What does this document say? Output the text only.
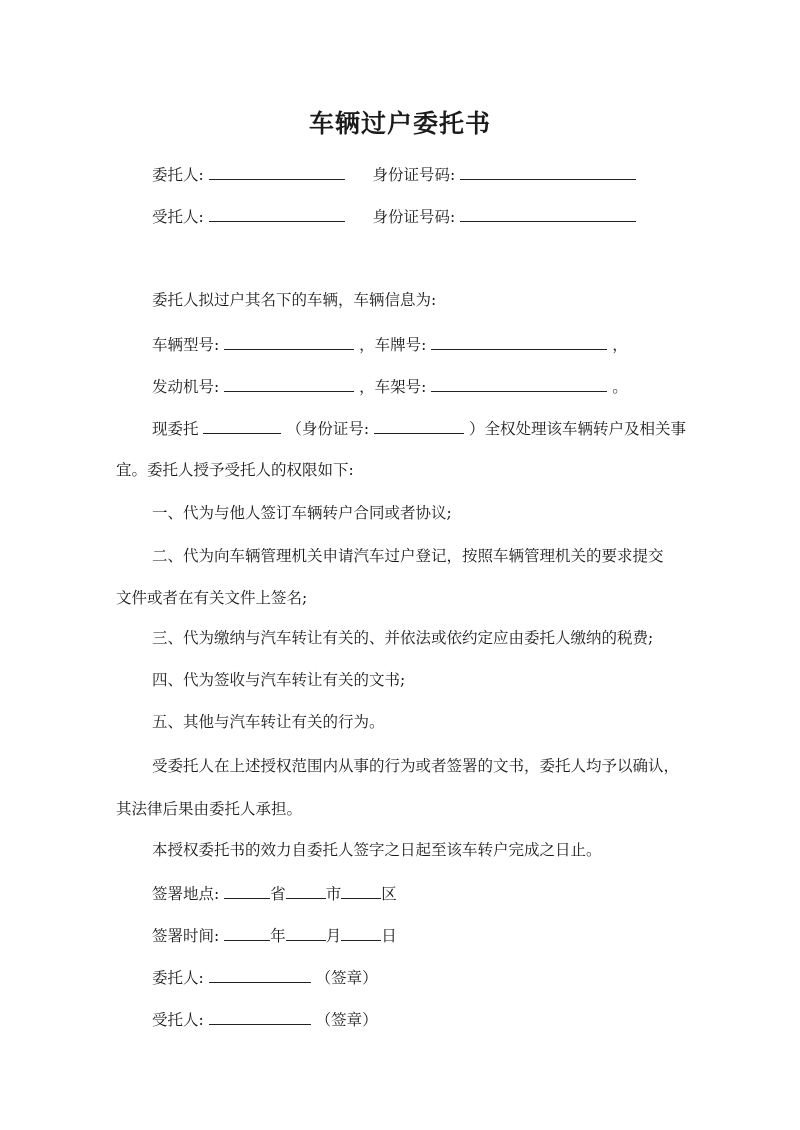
车辆过户委托书
委托人:	身份证号码:
受托人:	身份证号码:
委托人拟过户其名下的车辆，车辆信息为:
车辆型号:	，车牌号:	，
发动机号:	，车架号:	。
现委托	（身份证号:	）全权处理该车辆转户及相关事
宜。委托人授予受托人的权限如下:
一、代为与他人签订车辆转户合同或者协议;
二、代为向车辆管理机关申请汽车过户登记，按照车辆管理机关的要求提交
文件或者在有关文件上签名;
三、代为缴纳与汽车转让有关的、并依法或依约定应由委托人缴纳的税费;
四、代为签收与汽车转让有关的文书;
五、其他与汽车转让有关的行为。
受委托人在上述授权范围内从事的行为或者签署的文书，委托人均予以确认，
其法律后果由委托人承担。
本授权委托书的效力自委托人签字之日起至该车转户完成之日止。
签署地点:	省	市	区
签署时间:	年	月	日
委托人:	（签章）
受托人:	（签章）
